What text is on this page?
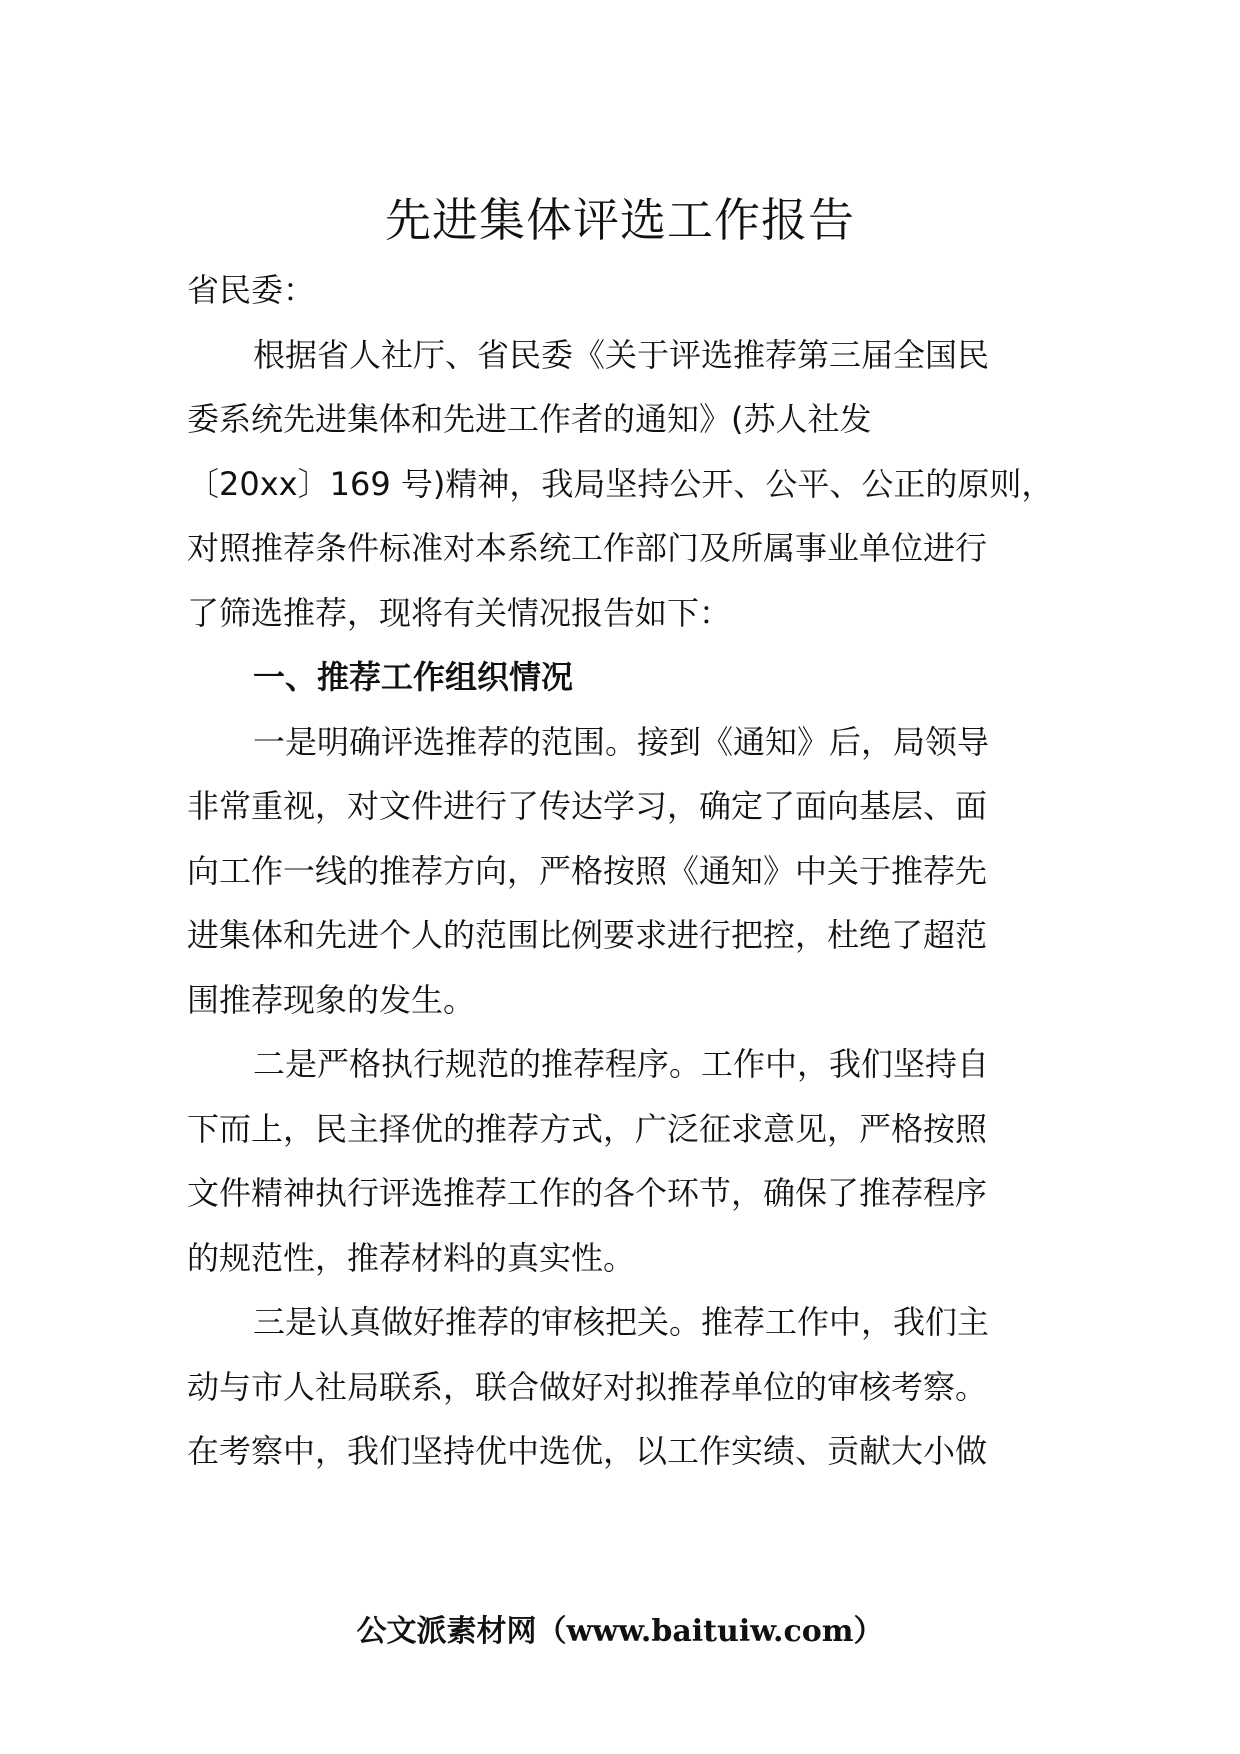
先进集体评选工作报告
省民委：
根据省人社厅、省民委《关于评选推荐第三届全国民
委系统先进集体和先进工作者的通知》(苏人社发
〔20xx〕169 号)精神，我局坚持公开、公平、公正的原则，
对照推荐条件标准对本系统工作部门及所属事业单位进行
了筛选推荐，现将有关情况报告如下：
一、推荐工作组织情况
一是明确评选推荐的范围。接到《通知》后，局领导
非常重视，对文件进行了传达学习，确定了面向基层、面
向工作一线的推荐方向，严格按照《通知》中关于推荐先
进集体和先进个人的范围比例要求进行把控，杜绝了超范
围推荐现象的发生。
二是严格执行规范的推荐程序。工作中，我们坚持自
下而上，民主择优的推荐方式，广泛征求意见，严格按照
文件精神执行评选推荐工作的各个环节，确保了推荐程序
的规范性，推荐材料的真实性。
三是认真做好推荐的审核把关。推荐工作中，我们主
动与市人社局联系，联合做好对拟推荐单位的审核考察。
在考察中，我们坚持优中选优，以工作实绩、贡献大小做
公文派素材网（www.baituiw.com）
